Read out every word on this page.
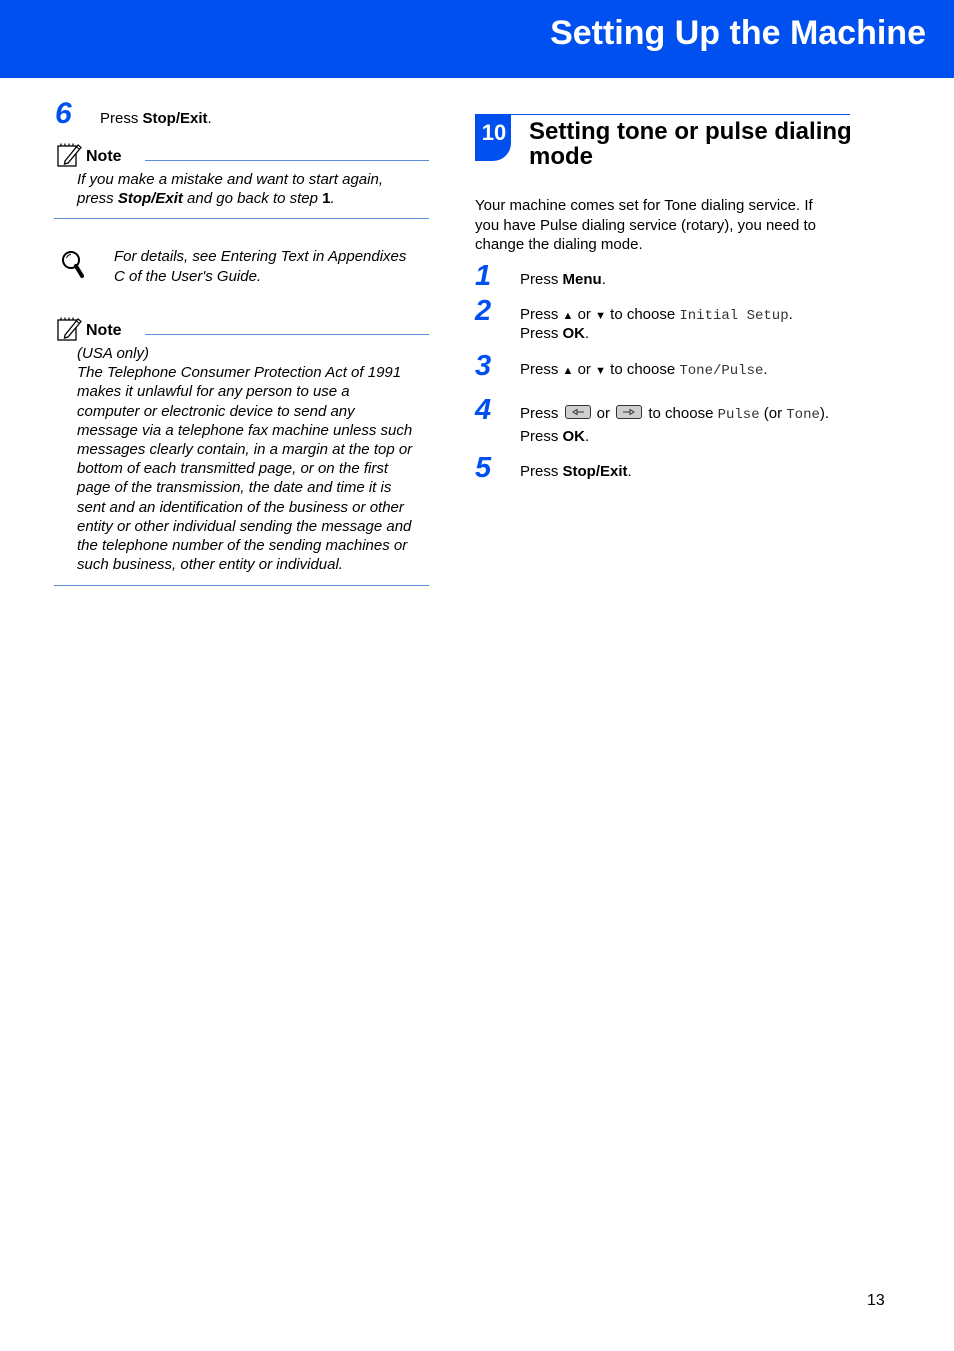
Setting Up the Machine
6 Press Stop/Exit.
Note
If you make a mistake and want to start again,
press Stop/Exit and go back to step 1.
For details, see Entering Text in Appendixes
C of the User's Guide.
Note
(USA only)
The Telephone Consumer Protection Act of 1991
makes it unlawful for any person to use a
computer or electronic device to send any
message via a telephone fax machine unless such
messages clearly contain, in a margin at the top or
bottom of each transmitted page, or on the first
page of the transmission, the date and time it is
sent and an identification of the business or other
entity or other individual sending the message and
the telephone number of the sending machines or
such business, other entity or individual.
10 Setting tone or pulse dialing
mode
Your machine comes set for Tone dialing service. If
you have Pulse dialing service (rotary), you need to
change the dialing mode.
1 Press Menu.
2 Press ▲ or ▼ to choose Initial Setup.
Press OK.
3 Press ▲ or ▼ to choose Tone/Pulse.
4 Press
or
to choose Pulse (or Tone).
Press OK.
5 Press Stop/Exit.
13
